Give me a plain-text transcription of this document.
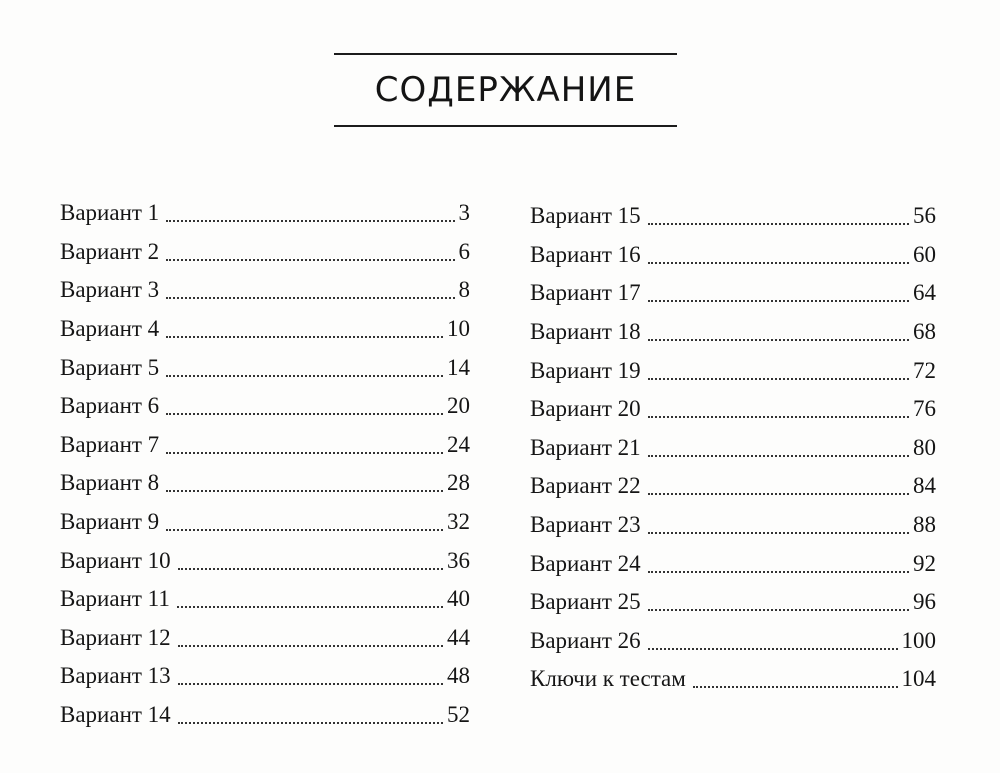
СОДЕРЖАНИЕ
Вариант 1	3
Вариант 2	6
Вариант 3	8
Вариант 4	10
Вариант 5	14
Вариант 6	20
Вариант 7	24
Вариант 8	28
Вариант 9	32
Вариант 10	36
Вариант 11	40
Вариант 12	44
Вариант 13	48
Вариант 14	52
Вариант 15	56
Вариант 16	60
Вариант 17	64
Вариант 18	68
Вариант 19	72
Вариант 20	76
Вариант 21	80
Вариант 22	84
Вариант 23	88
Вариант 24	92
Вариант 25	96
Вариант 26	100
Ключи к тестам	104
